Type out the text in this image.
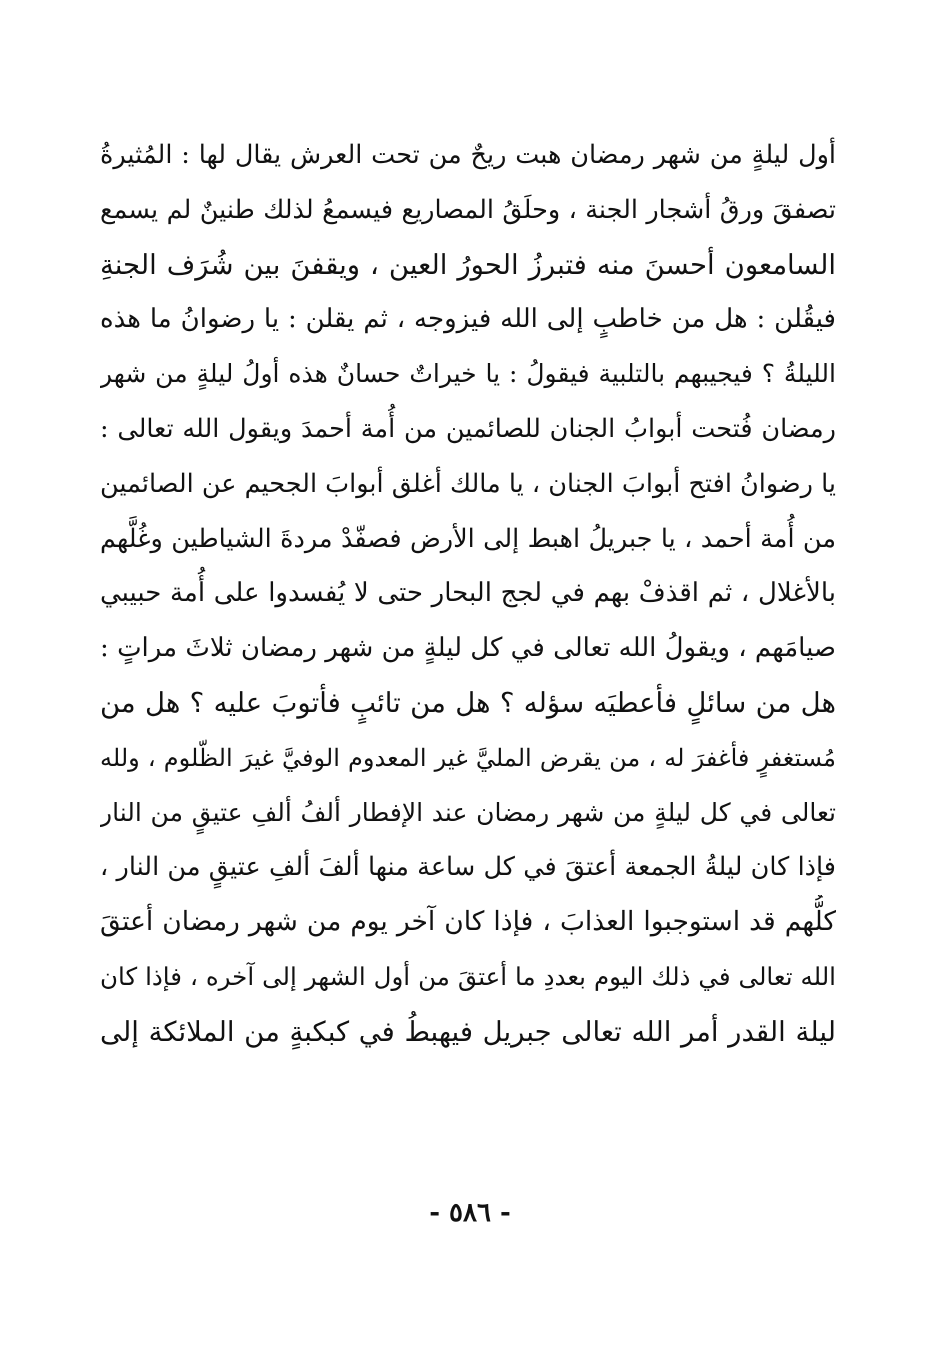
أول ليلةٍ من شهر رمضان هبت ريحٌ من تحت العرش يقال لها : المُثيرةُ
تصفقَ ورقُ أشجار الجنة ، وحلَقُ المصاريع فيسمعُ لذلك طنينٌ لم يسمع
السامعون أحسنَ منه فتبرزُ الحورُ العين ، ويقفنَ بين شُرَف الجنةِ
فيقُلن : هل من خاطبٍ إلى الله فيزوجه ، ثم يقلن : يا رضوانُ ما هذه
الليلةُ ؟ فيجيبهم بالتلبية فيقولُ : يا خيراتٌ حسانٌ هذه أولُ ليلةٍ من شهر
رمضان فُتحت أبوابُ الجنان للصائمين من أُمة أحمدَ ويقول الله تعالى :
يا رضوانُ افتح أبوابَ الجنان ، يا مالك أغلق أبوابَ الجحيم عن الصائمين
من أُمة أحمد ، يا جبريلُ اهبط إلى الأرض فصفّدْ مردةَ الشياطين وغُلَّهم
بالأغلال ، ثم اقذفْ بهم في لجج البحار حتى لا يُفسدوا على أُمة حبيبي
صيامَهم ، ويقولُ الله تعالى في كل ليلةٍ من شهر رمضان ثلاثَ مراتٍ :
هل من سائلٍ فأعطيَه سؤله ؟ هل من تائبٍ فأتوبَ عليه ؟ هل من
مُستغفرٍ فأغفرَ له ، من يقرض المليَّ غير المعدوم الوفيَّ غيرَ الظّلوم ، ولله
تعالى في كل ليلةٍ من شهر رمضان عند الإفطار ألفُ ألفِ عتيقٍ من النار
فإذا كان ليلةُ الجمعة أعتقَ في كل ساعة منها ألفَ ألفِ عتيقٍ من النار ،
كلُّهم قد استوجبوا العذابَ ، فإذا كان آخر يوم من شهر رمضان أعتقَ
الله تعالى في ذلك اليوم بعددِ ما أعتقَ من أول الشهر إلى آخره ، فإذا كان
ليلة القدر أمر الله تعالى جبريل فيهبطُ في كبكبةٍ من الملائكة إلى
- ٥٨٦ -
